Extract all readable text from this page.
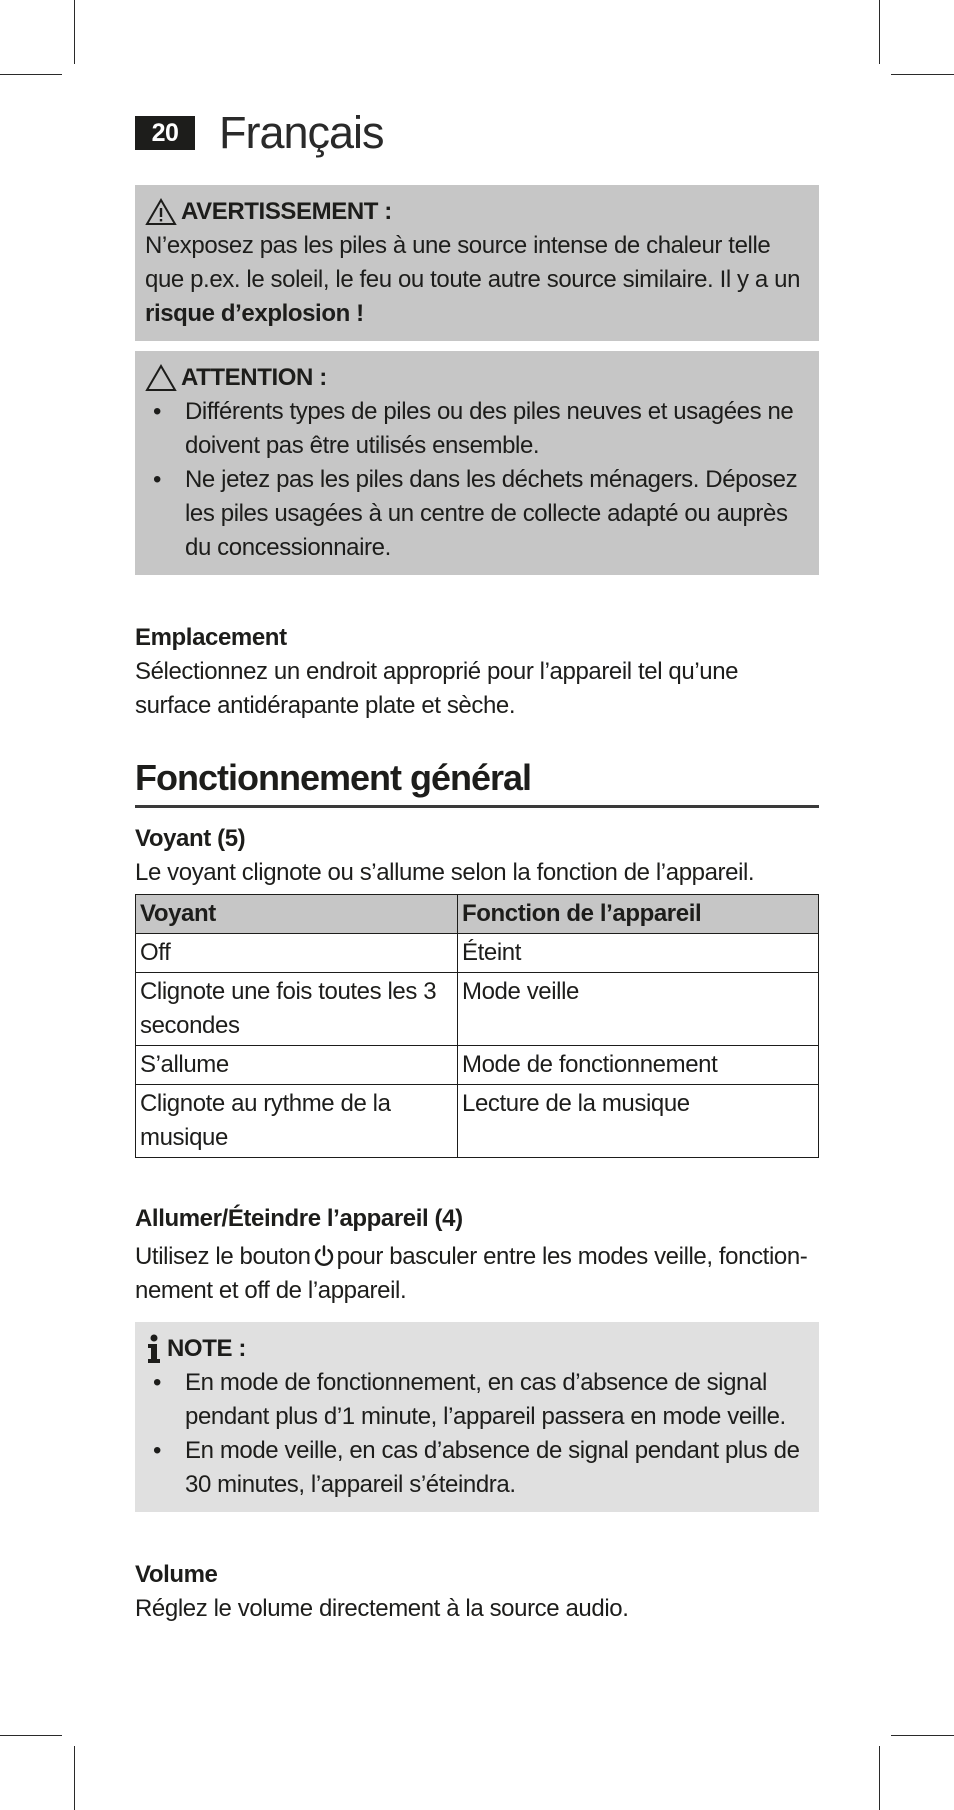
20 Français
AVERTISSEMENT :

N’exposez pas les piles à une source intense de chaleur telle que p.ex. le soleil, le feu ou toute autre source similaire. Il y a un risque d’explosion !

ATTENTION :
• Différents types de piles ou des piles neuves et usagées ne doivent pas être utilisés ensemble.
• Ne jetez pas les piles dans les déchets ménagers. Déposez les piles usagées à un centre de collecte adapté ou auprès du concessionnaire.
Emplacement

Sélectionnez un endroit approprié pour l’appareil tel qu’une surface antidérapante plate et sèche.

Fonctionnement général
Voyant (5)

Le voyant clignote ou s’allume selon la fonction de l’appareil.

Voyant	Fonction de l’appareil
Off	Éteint
Clignote une fois toutes les 3 secondes	Mode veille
S’allume	Mode de fonctionnement
Clignote au rythme de la musique	Lecture de la musique
Allumer/Éteindre l’appareil (4)

Utilisez le bouton pour basculer entre les modes veille, fonctionnement et off de l’appareil.

NOTE :
• En mode de fonctionnement, en cas d’absence de signal pendant plus d’1 minute, l’appareil passera en mode veille.
• En mode veille, en cas d’absence de signal pendant plus de 30 minutes, l’appareil s’éteindra.
Volume

Réglez le volume directement à la source audio.
